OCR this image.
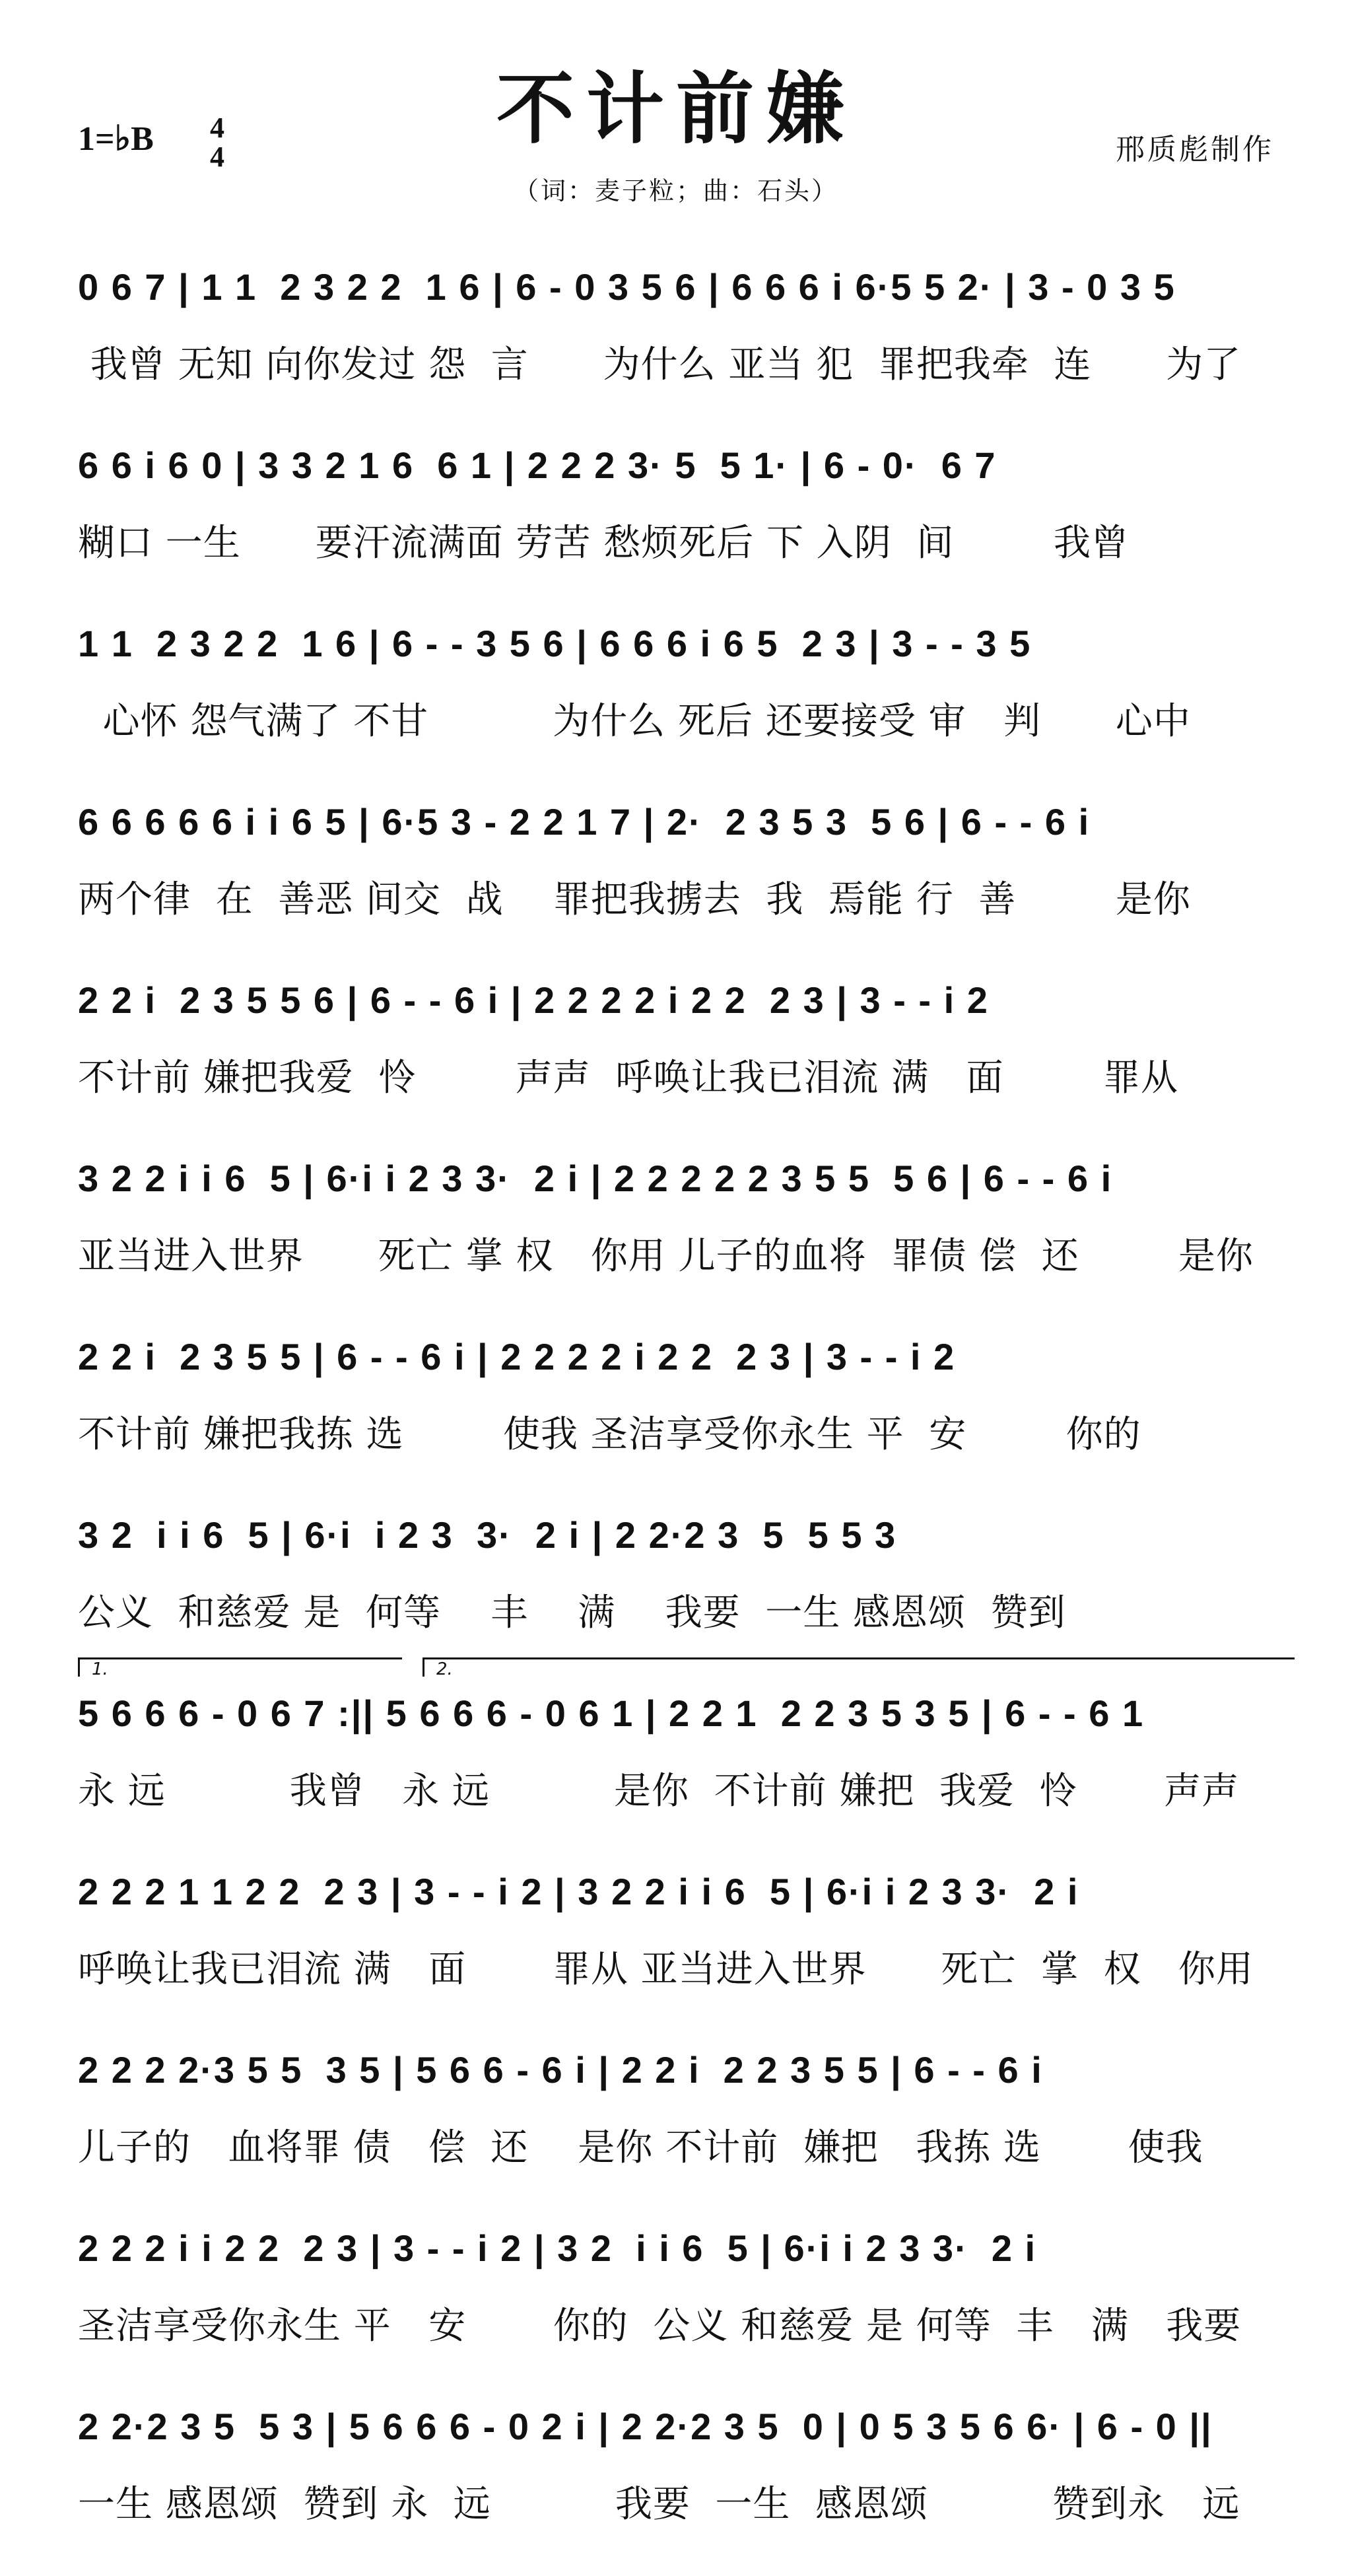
不计前嫌
1=♭B 4
4	邢质彪制作
（词：麦子粒；曲：石头）
0 6 7 | 1 1  2 3 2 2  1 6 | 6 - 0 3 5 6 | 6 6 6 i 6·5 5 2· | 3 - 0 3 5
我曾 无知 向你发过 怨  言      为什么 亚当 犯  罪把我牵  连      为了
6 6 i 6 0 | 3 3 2 1 6  6 1 | 2 2 2 3· 5  5 1· | 6 - 0·  6 7
糊口 一生      要汗流满面 劳苦 愁烦死后 下 入阴  间        我曾
1 1  2 3 2 2  1 6 | 6 - - 3 5 6 | 6 6 6 i 6 5  2 3 | 3 - - 3 5
心怀 怨气满了 不甘          为什么 死后 还要接受 审   判      心中
6 6 6 6 6 i i 6 5 | 6·5 3 - 2 2 1 7 | 2·  2 3 5 3  5 6 | 6 - - 6 i
两个律  在  善恶 间交  战    罪把我掳去  我  焉能 行  善        是你
2 2 i  2 3 5 5 6 | 6 - - 6 i | 2 2 2 2 i 2 2  2 3 | 3 - - i 2
不计前 嫌把我爱  怜        声声  呼唤让我已泪流 满   面        罪从
3 2 2 i i 6  5 | 6·i i 2 3 3·  2 i | 2 2 2 2 2 3 5 5  5 6 | 6 - - 6 i
亚当进入世界      死亡 掌 权   你用 儿子的血将  罪债 偿  还        是你
2 2 i  2 3 5 5 | 6 - - 6 i | 2 2 2 2 i 2 2  2 3 | 3 - - i 2
不计前 嫌把我拣 选        使我 圣洁享受你永生 平  安        你的
3 2  i i 6  5 | 6·i  i 2 3  3·  2 i | 2 2·2 3  5  5 5 3
公义  和慈爱 是  何等    丰    满    我要  一生 感恩颂  赞到
5 6 6 6 - 0 6 7 :|| 5 6 6 6 - 0 6 1 | 2 2 1  2 2 3 5 3 5 | 6 - - 6 1
永 远          我曾   永 远          是你  不计前 嫌把  我爱  怜       声声
2 2 2 1 1 2 2  2 3 | 3 - - i 2 | 3 2 2 i i 6  5 | 6·i i 2 3 3·  2 i
呼唤让我已泪流 满   面       罪从 亚当进入世界      死亡  掌  权   你用
2 2 2 2·3 5 5  3 5 | 5 6 6 - 6 i | 2 2 i  2 2 3 5 5 | 6 - - 6 i
儿子的   血将罪 债   偿  还    是你 不计前  嫌把   我拣 选       使我
2 2 2 i i 2 2  2 3 | 3 - - i 2 | 3 2  i i 6  5 | 6·i i 2 3 3·  2 i
圣洁享受你永生 平   安       你的  公义 和慈爱 是 何等  丰   满   我要
2 2·2 3 5  5 3 | 5 6 6 6 - 0 2 i | 2 2·2 3 5  0 | 0 5 3 5 6 6· | 6 - 0 ||
一生 感恩颂  赞到 永  远          我要  一生  感恩颂          赞到永   远
1.	2.
